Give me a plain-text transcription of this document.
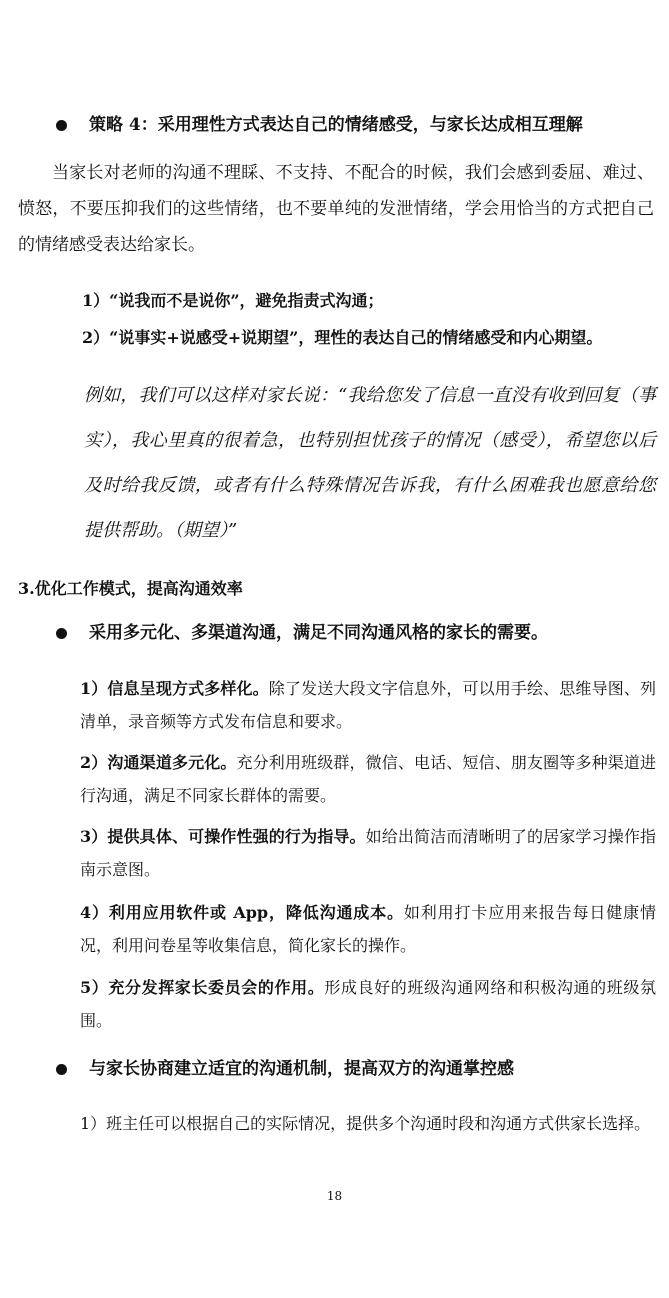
策略 4：采用理性方式表达自己的情绪感受，与家长达成相互理解

当家长对老师的沟通不理睬、不支持、不配合的时候，我们会感到委屈、难过、愤怒，不要压抑我们的这些情绪，也不要单纯的发泄情绪，学会用恰当的方式把自己的情绪感受表达给家长。

1）“说我而不是说你”，避免指责式沟通；

2）“说事实+说感受+说期望”，理性的表达自己的情绪感受和内心期望。

例如，我们可以这样对家长说：“我给您发了信息一直没有收到回复（事实），我心里真的很着急，也特别担忧孩子的情况（感受），希望您以后及时给我反馈，或者有什么特殊情况告诉我，有什么困难我也愿意给您提供帮助。（期望）”

3.优化工作模式，提高沟通效率
采用多元化、多渠道沟通，满足不同沟通风格的家长的需要。

1）信息呈现方式多样化。除了发送大段文字信息外，可以用手绘、思维导图、列清单，录音频等方式发布信息和要求。

2）沟通渠道多元化。充分利用班级群，微信、电话、短信、朋友圈等多种渠道进行沟通，满足不同家长群体的需要。

3）提供具体、可操作性强的行为指导。如给出简洁而清晰明了的居家学习操作指南示意图。

4）利用应用软件或 App，降低沟通成本。如利用打卡应用来报告每日健康情况，利用问卷星等收集信息，简化家长的操作。

5）充分发挥家长委员会的作用。形成良好的班级沟通网络和积极沟通的班级氛围。

与家长协商建立适宜的沟通机制，提高双方的沟通掌控感

1）班主任可以根据自己的实际情况，提供多个沟通时段和沟通方式供家长选择。

18
